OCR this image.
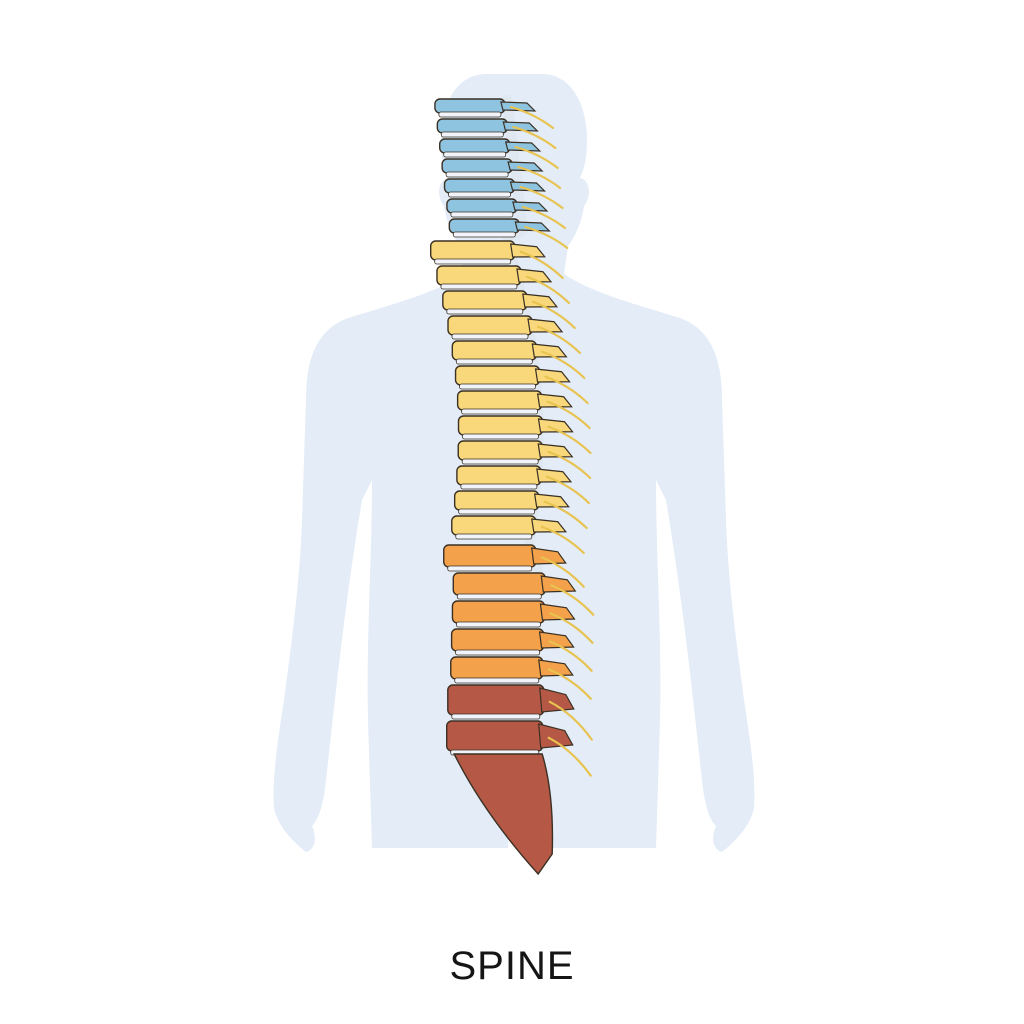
SPINE
